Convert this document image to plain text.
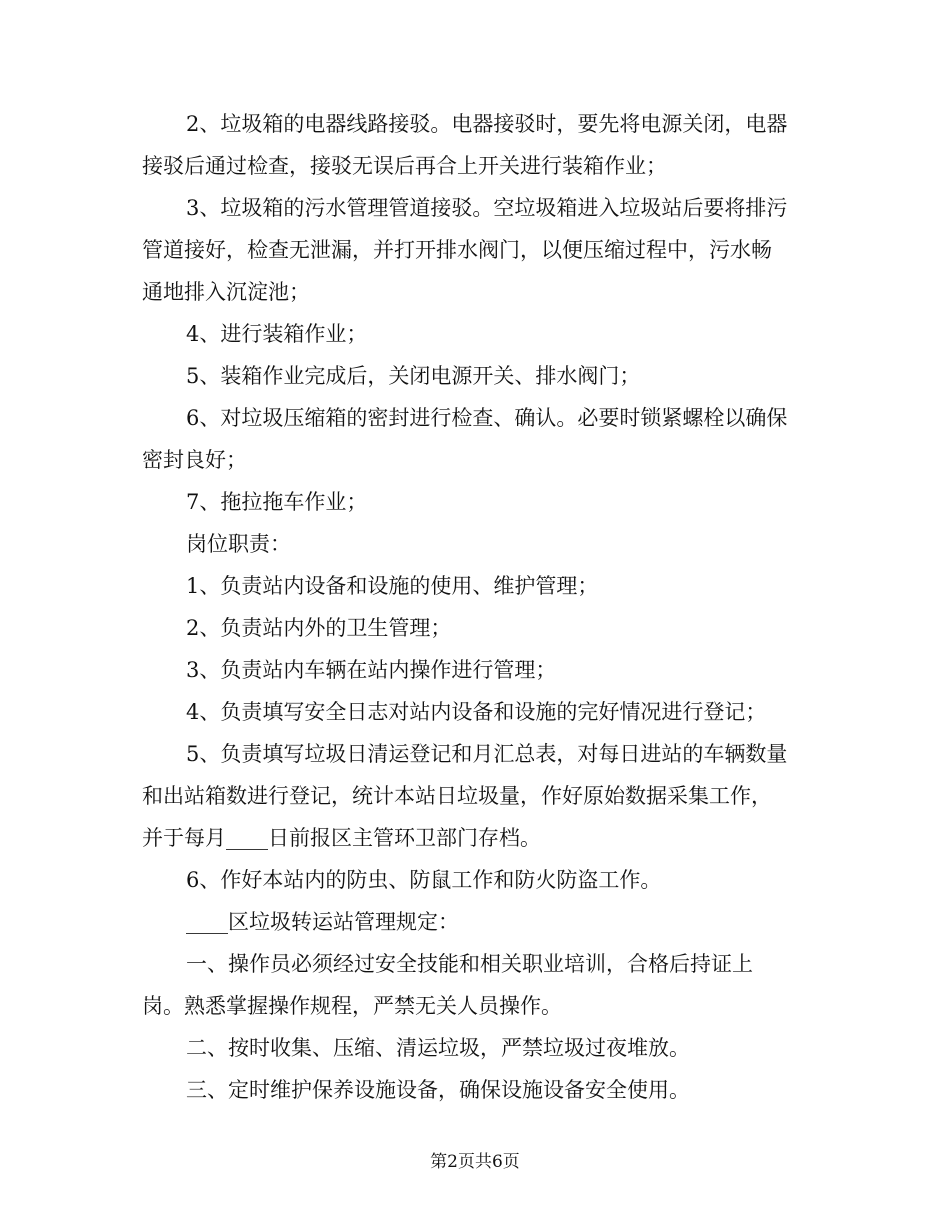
2、垃圾箱的电器线路接驳。电器接驳时，要先将电源关闭，电器

接驳后通过检查，接驳无误后再合上开关进行装箱作业；

3、垃圾箱的污水管理管道接驳。空垃圾箱进入垃圾站后要将排污

管道接好，检查无泄漏，并打开排水阀门，以便压缩过程中，污水畅

通地排入沉淀池；

4、进行装箱作业；

5、装箱作业完成后，关闭电源开关、排水阀门；

6、对垃圾压缩箱的密封进行检查、确认。必要时锁紧螺栓以确保

密封良好；

7、拖拉拖车作业；

岗位职责：

1、负责站内设备和设施的使用、维护管理；

2、负责站内外的卫生管理；

3、负责站内车辆在站内操作进行管理；

4、负责填写安全日志对站内设备和设施的完好情况进行登记；

5、负责填写垃圾日清运登记和月汇总表，对每日进站的车辆数量

和出站箱数进行登记，统计本站日垃圾量，作好原始数据采集工作，

并于每月____日前报区主管环卫部门存档。

6、作好本站内的防虫、防鼠工作和防火防盗工作。

____区垃圾转运站管理规定：

一、操作员必须经过安全技能和相关职业培训，合格后持证上

岗。熟悉掌握操作规程，严禁无关人员操作。

二、按时收集、压缩、清运垃圾，严禁垃圾过夜堆放。

三、定时维护保养设施设备，确保设施设备安全使用。

第2页共6页
